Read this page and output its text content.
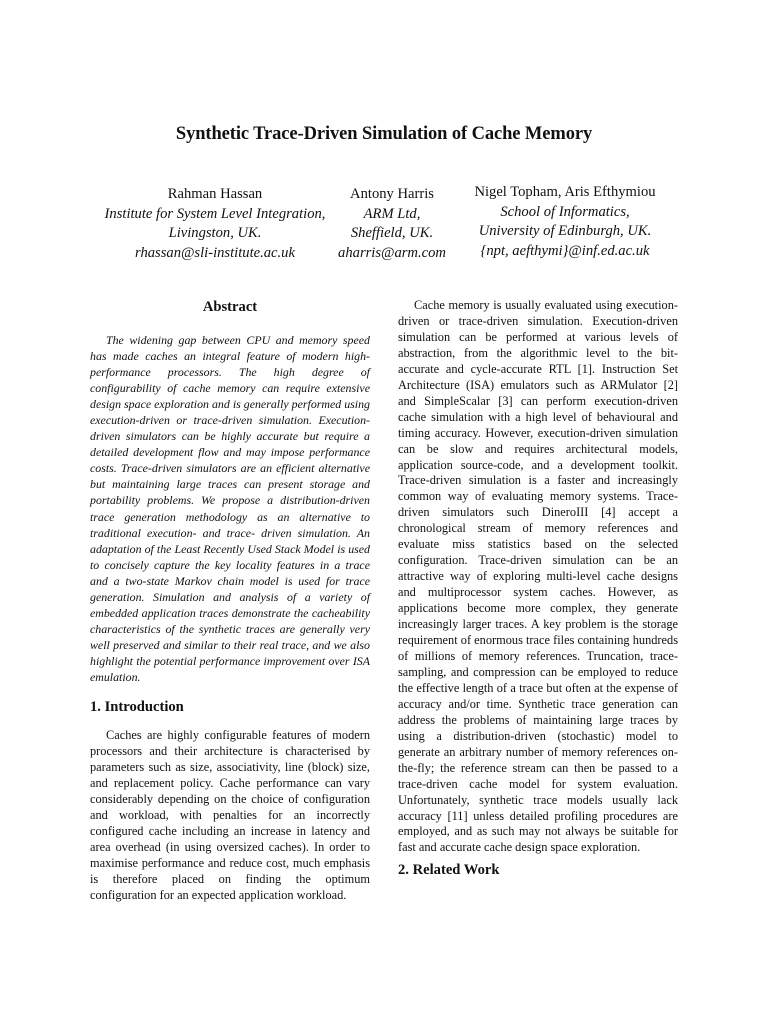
Synthetic Trace-Driven Simulation of Cache Memory
Rahman Hassan
Institute for System Level Integration,
Livingston, UK.
rhassan@sli-institute.ac.uk
Antony Harris
ARM Ltd,
Sheffield, UK.
aharris@arm.com
Nigel Topham, Aris Efthymiou
School of Informatics,
University of Edinburgh, UK.
{npt, aefthymi}@inf.ed.ac.uk
Abstract

The widening gap between CPU and memory speed has made caches an integral feature of modern high-performance processors. The high degree of configurability of cache memory can require extensive design space exploration and is generally performed using execution-driven or trace-driven simulation. Execution-driven simulators can be highly accurate but require a detailed development flow and may impose performance costs. Trace-driven simulators are an efficient alternative but maintaining large traces can present storage and portability problems. We propose a distribution-driven trace generation methodology as an alternative to traditional execution- and trace- driven simulation. An adaptation of the Least Recently Used Stack Model is used to concisely capture the key locality features in a trace and a two-state Markov chain model is used for trace generation. Simulation and analysis of a variety of embedded application traces demonstrate the cacheability characteristics of the synthetic traces are generally very well preserved and similar to their real trace, and we also highlight the potential performance improvement over ISA emulation.

1. Introduction

Caches are highly configurable features of modern processors and their architecture is characterised by parameters such as size, associativity, line (block) size, and replacement policy. Cache performance can vary considerably depending on the choice of configuration and workload, with penalties for an incorrectly configured cache including an increase in latency and area overhead (in using oversized caches). In order to maximise performance and reduce cost, much emphasis is therefore placed on finding the optimum configuration for an expected application workload.

Cache memory is usually evaluated using execution-driven or trace-driven simulation. Execution-driven simulation can be performed at various levels of abstraction, from the algorithmic level to the bit-accurate and cycle-accurate RTL [1]. Instruction Set Architecture (ISA) emulators such as ARMulator [2] and SimpleScalar [3] can perform execution-driven cache simulation with a high level of behavioural and timing accuracy. However, execution-driven simulation can be slow and requires architectural models, application source-code, and a development toolkit. Trace-driven simulation is a faster and increasingly common way of evaluating memory systems. Trace-driven simulators such DineroIII [4] accept a chronological stream of memory references and evaluate miss statistics based on the selected configuration. Trace-driven simulation can be an attractive way of exploring multi-level cache designs and multiprocessor system caches. However, as applications become more complex, they generate increasingly larger traces. A key problem is the storage requirement of enormous trace files containing hundreds of millions of memory references. Truncation, trace-sampling, and compression can be employed to reduce the effective length of a trace but often at the expense of accuracy and/or time. Synthetic trace generation can address the problems of maintaining large traces by using a distribution-driven (stochastic) model to generate an arbitrary number of memory references on-the-fly; the reference stream can then be passed to a trace-driven cache model for system evaluation. Unfortunately, synthetic trace models usually lack accuracy [11] unless detailed profiling procedures are employed, and as such may not always be suitable for fast and accurate cache design space exploration.

2. Related Work
